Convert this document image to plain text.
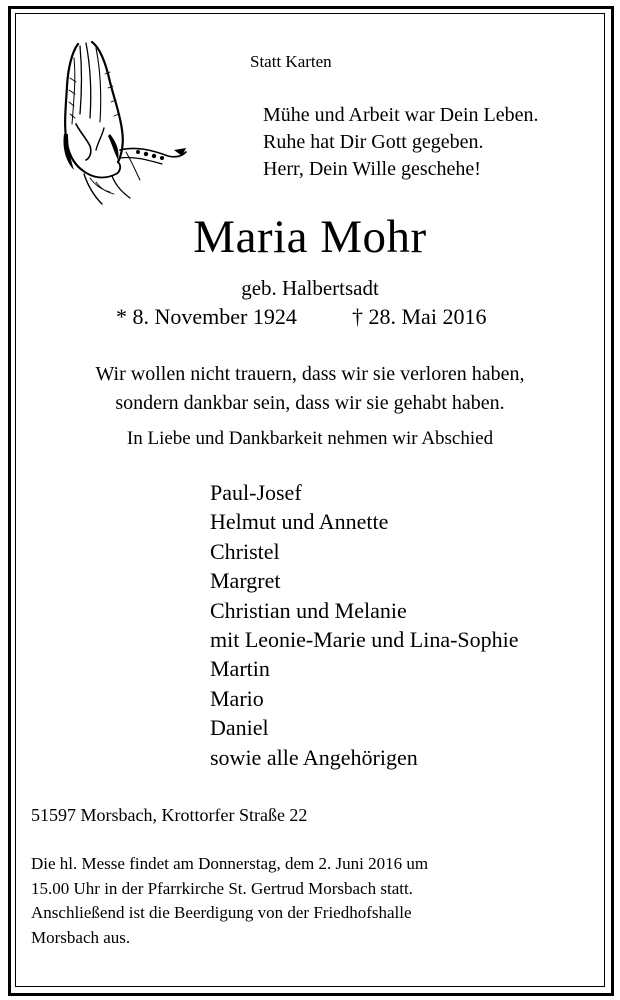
Statt Karten
Mühe und Arbeit war Dein Leben.
Ruhe hat Dir Gott gegeben.
Herr, Dein Wille geschehe!
Maria Mohr
geb. Halbertsadt
* 8. November 1924	† 28. Mai 2016
Wir wollen nicht trauern, dass wir sie verloren haben,
sondern dankbar sein, dass wir sie gehabt haben.
In Liebe und Dankbarkeit nehmen wir Abschied
Paul-Josef
Helmut und Annette
Christel
Margret
Christian und Melanie
mit Leonie-Marie und Lina-Sophie
Martin
Mario
Daniel
sowie alle Angehörigen
51597 Morsbach, Krottorfer Straße 22
Die hl. Messe findet am Donnerstag, dem 2. Juni 2016 um
15.00 Uhr in der Pfarrkirche St. Gertrud Morsbach statt.
Anschließend ist die Beerdigung von der Friedhofshalle
Morsbach aus.
